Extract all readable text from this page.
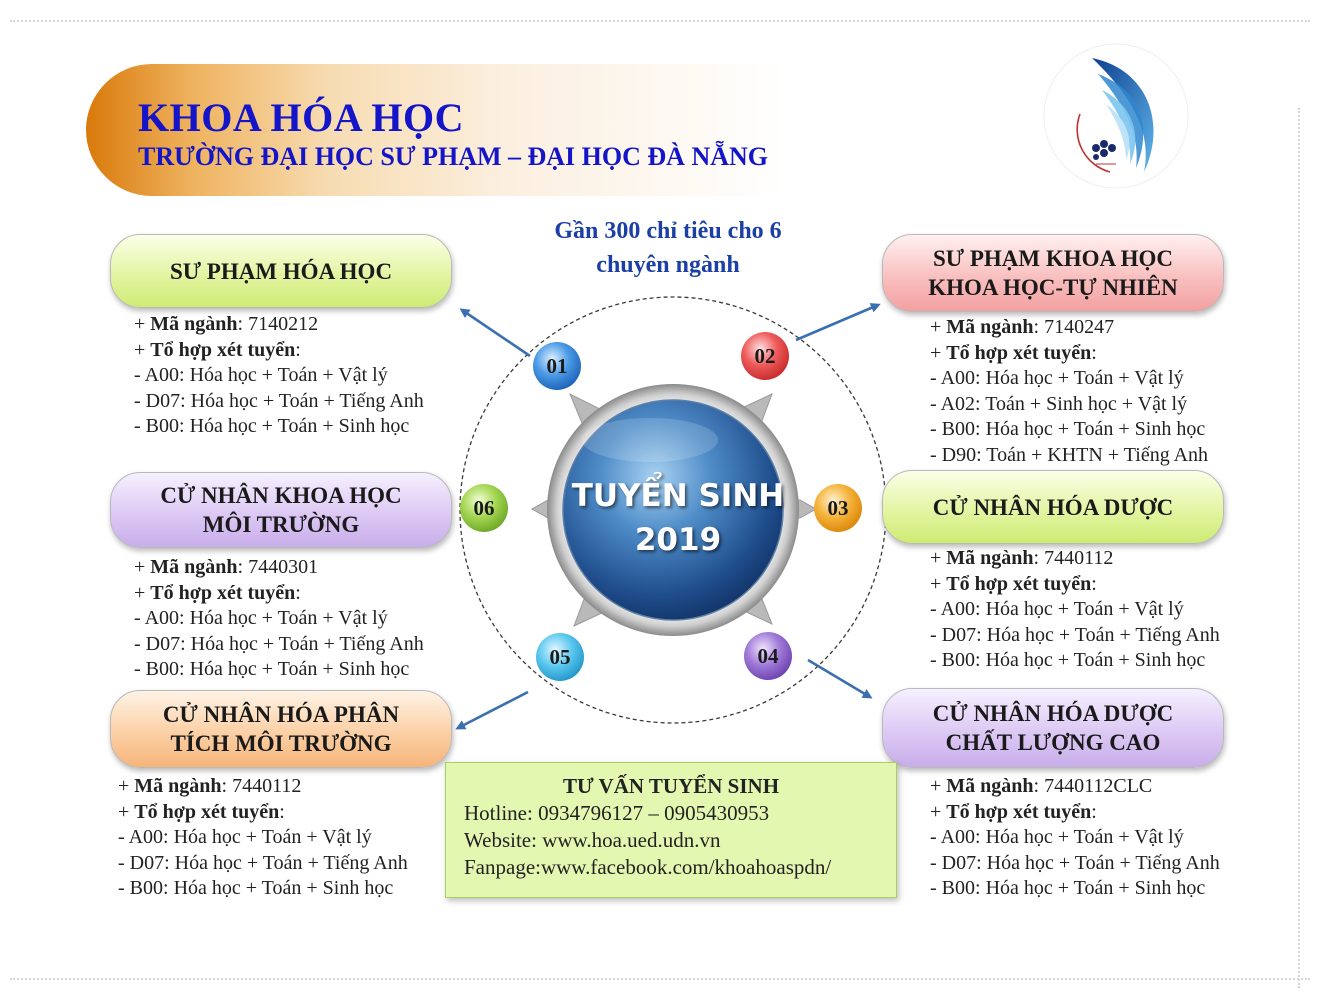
KHOA HÓA HỌC
TRƯỜNG ĐẠI HỌC SƯ PHẠM – ĐẠI HỌC ĐÀ NẴNG
Gần 300 chỉ tiêu cho 6
chuyên ngành
TUYỂN SINH
2019
01	02
03
04
05
06
SƯ PHẠM HÓA HỌC
+ Mã ngành: 7140212
+ Tổ hợp xét tuyển:
- A00: Hóa học + Toán + Vật lý
- D07: Hóa học + Toán + Tiếng Anh
- B00: Hóa học + Toán + Sinh học
SƯ PHẠM KHOA HỌC
KHOA HỌC-TỰ NHIÊN
+ Mã ngành: 7140247
+ Tổ hợp xét tuyển:
- A00: Hóa học + Toán + Vật lý
- A02: Toán + Sinh học + Vật lý
- B00: Hóa học + Toán + Sinh học
- D90: Toán + KHTN + Tiếng Anh
CỬ NHÂN KHOA HỌC
MÔI TRƯỜNG
+ Mã ngành: 7440301
+ Tổ hợp xét tuyển:
- A00: Hóa học + Toán + Vật lý
- D07: Hóa học + Toán + Tiếng Anh
- B00: Hóa học + Toán + Sinh học
CỬ NHÂN HÓA DƯỢC
+ Mã ngành: 7440112
+ Tổ hợp xét tuyển:
- A00: Hóa học + Toán + Vật lý
- D07: Hóa học + Toán + Tiếng Anh
- B00: Hóa học + Toán + Sinh học
CỬ NHÂN HÓA PHÂN
TÍCH MÔI TRƯỜNG
+ Mã ngành: 7440112
+ Tổ hợp xét tuyển:
- A00: Hóa học + Toán + Vật lý
- D07: Hóa học + Toán + Tiếng Anh
- B00: Hóa học + Toán + Sinh học
CỬ NHÂN HÓA DƯỢC
CHẤT LƯỢNG CAO
+ Mã ngành: 7440112CLC
+ Tổ hợp xét tuyển:
- A00: Hóa học + Toán + Vật lý
- D07: Hóa học + Toán + Tiếng Anh
- B00: Hóa học + Toán + Sinh học
TƯ VẤN TUYỂN SINH
Hotline: 0934796127 – 0905430953
Website: www.hoa.ued.udn.vn
Fanpage:www.facebook.com/khoahoaspdn/
